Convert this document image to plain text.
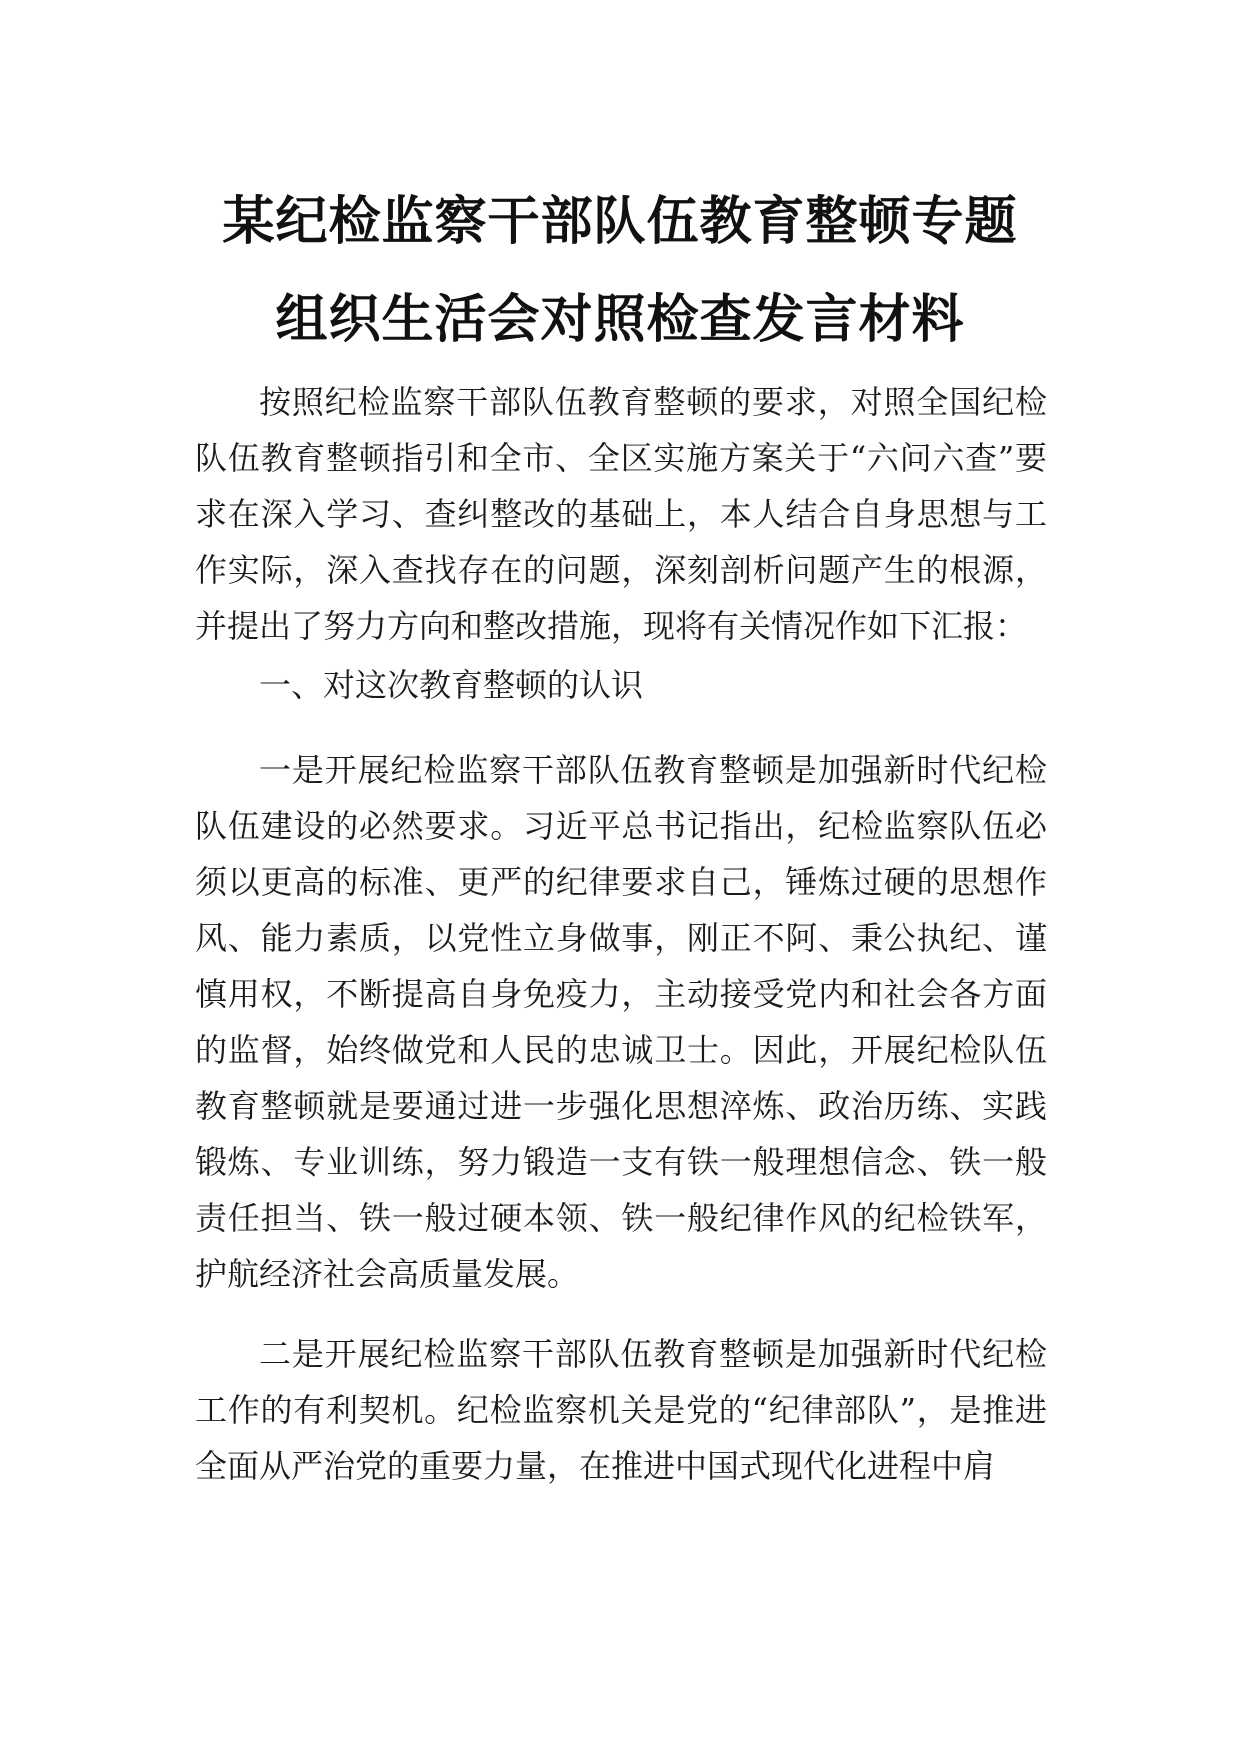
某纪检监察干部队伍教育整顿专题
组织生活会对照检查发言材料

按照纪检监察干部队伍教育整顿的要求，对照全国纪检队伍教育整顿指引和全市、全区实施方案关于“六问六查”要求在深入学习、查纠整改的基础上，本人结合自身思想与工作实际，深入查找存在的问题，深刻剖析问题产生的根源，并提出了努力方向和整改措施，现将有关情况作如下汇报：

一、对这次教育整顿的认识

一是开展纪检监察干部队伍教育整顿是加强新时代纪检队伍建设的必然要求。习近平总书记指出，纪检监察队伍必须以更高的标准、更严的纪律要求自己，锤炼过硬的思想作风、能力素质，以党性立身做事，刚正不阿、秉公执纪、谨慎用权，不断提高自身免疫力，主动接受党内和社会各方面的监督，始终做党和人民的忠诚卫士。因此，开展纪检队伍教育整顿就是要通过进一步强化思想淬炼、政治历练、实践锻炼、专业训练，努力锻造一支有铁一般理想信念、铁一般责任担当、铁一般过硬本领、铁一般纪律作风的纪检铁军，护航经济社会高质量发展。

二是开展纪检监察干部队伍教育整顿是加强新时代纪检工作的有利契机。纪检监察机关是党的“纪律部队”，是推进全面从严治党的重要力量，在推进中国式现代化进程中肩
